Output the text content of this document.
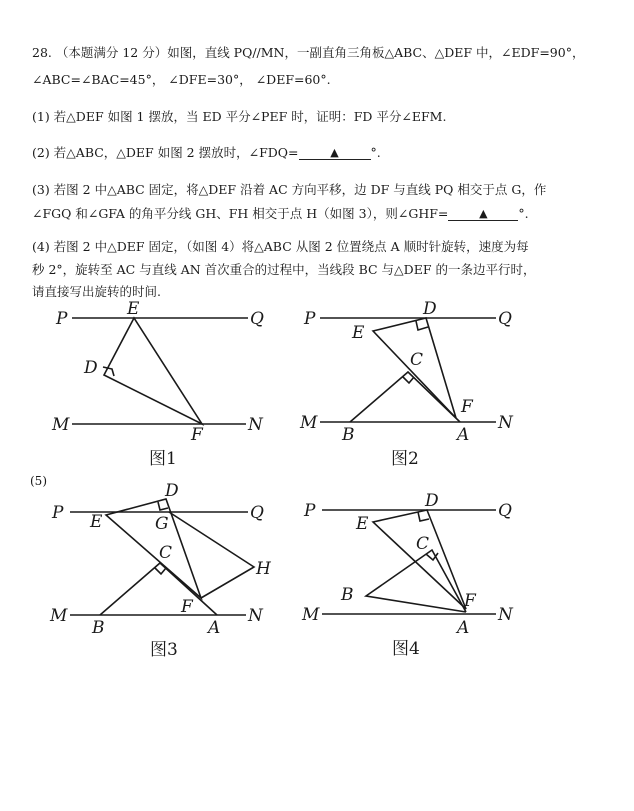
28. （本题满分 12 分）如图，直线 PQ//MN，一副直角三角板△ABC、△DEF 中，∠EDF=90°，
∠ABC=∠BAC=45°， ∠DFE=30°， ∠DEF=60°.
(1) 若△DEF 如图 1 摆放，当 ED 平分∠PEF 时，证明：FD 平分∠EFM.
(2) 若△ABC，△DEF 如图 2 摆放时，∠FDQ=	▲	°.
(3) 若图 2 中△ABC 固定，将△DEF 沿着 AC 方向平移，边 DF 与直线 PQ 相交于点 G，作
∠FGQ 和∠GFA 的角平分线 GH、FH 相交于点 H（如图 3），则∠GHF=	▲ °.
(4) 若图 2 中△DEF 固定，（如图 4）将△ABC 从图 2 位置绕点 A 顺时针旋转，速度为每
秒 2°，旋转至 AC 与直线 AN 首次重合的过程中，当线段 BC 与△DEF 的一条边平行时，
请直接写出旋转的时间.
(5)
P	Q
M	N
E
D
F
图1
P	Q
M	N
E
D
F
C
B	A
图2
P	Q
M	N
E
D
G
H
C
F
B	A
图3
P	Q
M	N
E
D
C
B	F
A
图4
